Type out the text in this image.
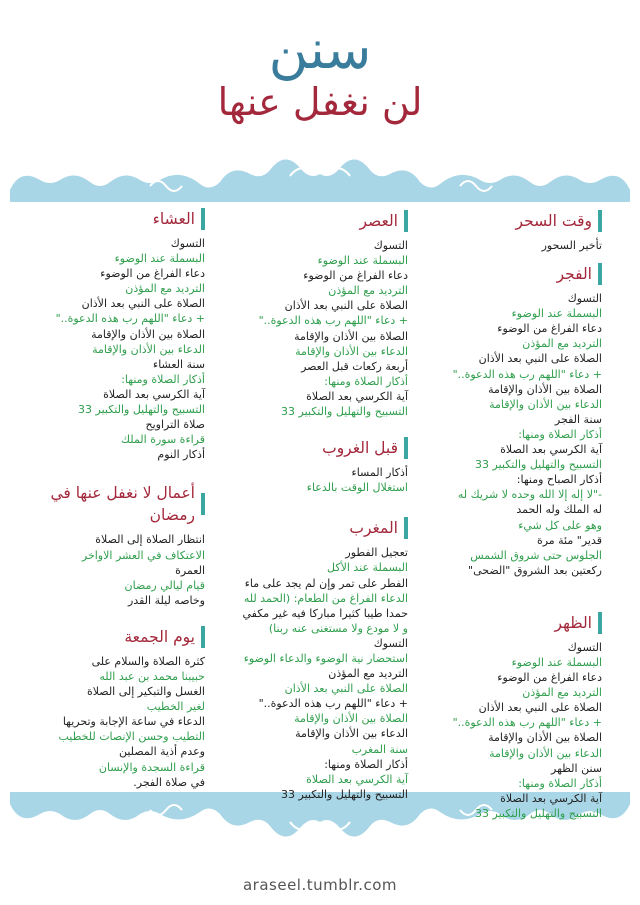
سنن
لن نغفل عنها
وقت السحر
تأخير السحور
الفجر
التسوك
البسملة عند الوضوء
دعاء الفراغ من الوضوء
الترديد مع المؤذن
الصلاة على النبي بعد الأذان
+ دعاء "اللهم رب هذه الدعوة.."
الصلاة بين الأذان والإقامة
الدعاء بين الأذان والإقامة
سنة الفجر
أذكار الصلاة ومنها:
آية الكرسي بعد الصلاة
التسبيح والتهليل والتكبير 33
أذكار الصباح ومنها:
-"لا إله إلا الله وحده لا شريك له
له الملك وله الحمد
وهو على كل شيء
قدير" مئة مرة
الجلوس حتى شروق الشمس
ركعتين بعد الشروق "الضحى"
الظهر
التسوك
البسملة عند الوضوء
دعاء الفراغ من الوضوء
الترديد مع المؤذن
الصلاة على النبي بعد الأذان
+ دعاء "اللهم رب هذه الدعوة.."
الصلاة بين الأذان والإقامة
الدعاء بين الأذان والإقامة
سنن الظهر
أذكار الصلاة ومنها:
آية الكرسي بعد الصلاة
التسبيح والتهليل والتكبير 33
العصر
التسوك
البسملة عند الوضوء
دعاء الفراغ من الوضوء
الترديد مع المؤذن
الصلاة على النبي بعد الأذان
+ دعاء "اللهم رب هذه الدعوة.."
الصلاة بين الأذان والإقامة
الدعاء بين الأذان والإقامة
أربعة ركعات قبل العصر
أذكار الصلاة ومنها:
آية الكرسي بعد الصلاة
التسبيح والتهليل والتكبير 33
قبل الغروب
أذكار المساء
استغلال الوقت بالدعاء
المغرب
تعجيل الفطور
البسملة عند الأكل
الفطر على تمر وإن لم يجد على ماء
الدعاء الفراغ من الطعام: (الحمد لله
حمدا طيبا كثيرا مباركا فيه غير مكفي
و لا مودع ولا مستغنى عنه ربنا)
التسوك
استحضار نية الوضوء والدعاء الوضوء
الترديد مع المؤذن
الصلاة على النبي بعد الأذان
+ دعاء "اللهم رب هذه الدعوة.."
الصلاة بين الأذان والإقامة
الدعاء بين الأذان والإقامة
سنة المغرب
أذكار الصلاة ومنها:
آية الكرسي بعد الصلاة
التسبيح والتهليل والتكبير 33
العشاء
التسوك
البسملة عند الوضوء
دعاء الفراغ من الوضوء
الترديد مع المؤذن
الصلاة على النبي بعد الأذان
+ دعاء "اللهم رب هذه الدعوة.."
الصلاة بين الأذان والإقامة
الدعاء بين الأذان والإقامة
سنة العشاء
أذكار الصلاة ومنها:
آية الكرسي بعد الصلاة
التسبيح والتهليل والتكبير 33
صلاة التراويح
قراءة سورة الملك
أذكار النوم
أعمال لا نغفل عنها في رمضان
انتظار الصلاة إلى الصلاة
الاعتكاف في العشر الاواخر
العمرة
قيام ليالي رمضان
وخاصه ليلة القدر
يوم الجمعة
كثرة الصلاة والسلام على
حبيبنا محمد بن عبد الله
الغسل والتبكير إلى الصلاة
لغير الخطيب
الدعاء في ساعة الإجابة وتحريها
التطيب وحسن الإنصات للخطيب
وعدم أذية المصلين
قراءة السجدة والإنسان
في صلاة الفجر.
araseel.tumblr.com
